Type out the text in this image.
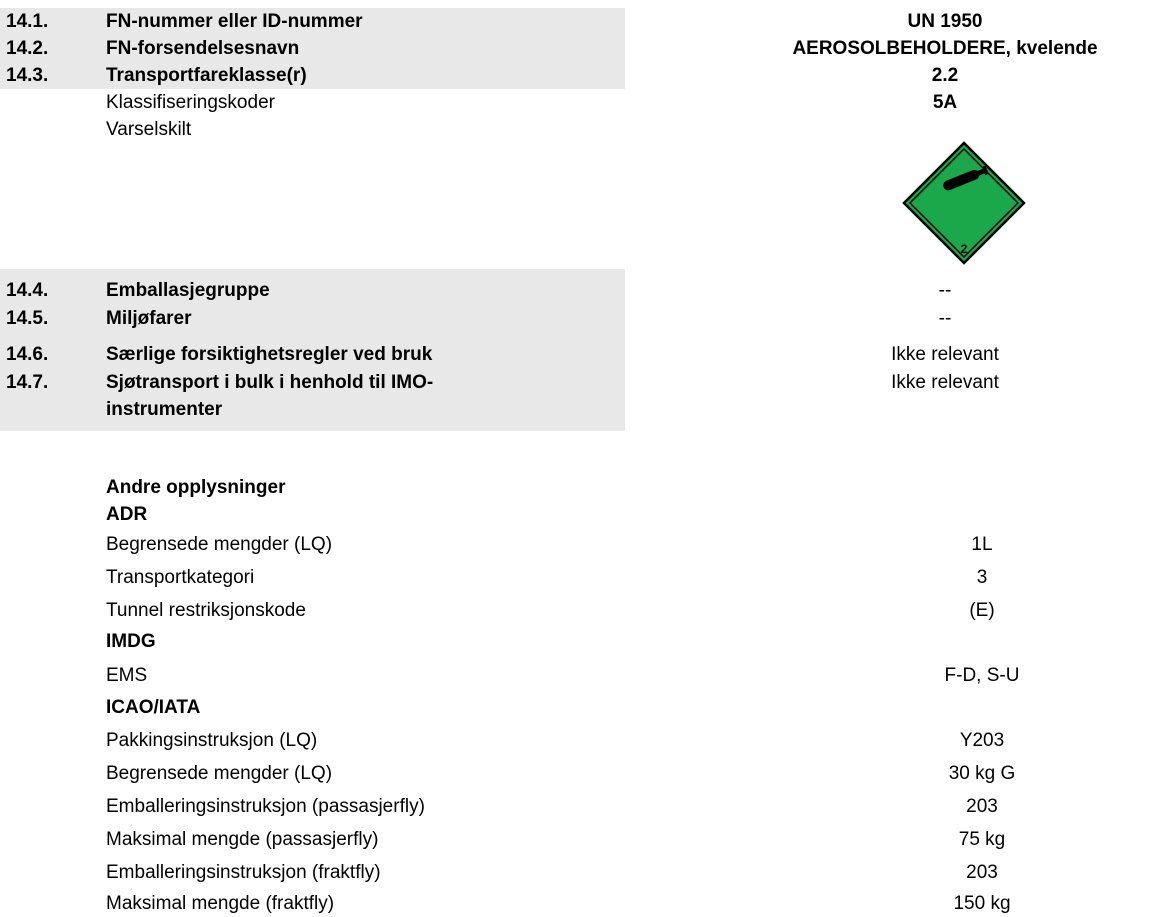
14.1.	FN-nummer eller ID-nummer	UN 1950
14.2.	FN-forsendelsesnavn	AEROSOLBEHOLDERE, kvelende
14.3.	Transportfareklasse(r)	2.2
Klassifiseringskoder	5A
Varselskilt
2
14.4.	Emballasjegruppe	--
14.5.	Miljøfarer	--
14.6.	Særlige forsiktighetsregler ved bruk	Ikke relevant
14.7.	Sjøtransport i bulk i henhold til IMO-	Ikke relevant
instrumenter
Andre opplysninger
ADR
Begrensede mengder (LQ)	1L
Transportkategori	3
Tunnel restriksjonskode	(E)
IMDG
EMS	F-D, S-U
ICAO/IATA
Pakkingsinstruksjon (LQ)	Y203
Begrensede mengder (LQ)	30 kg G
Emballeringsinstruksjon (passasjerfly)	203
Maksimal mengde (passasjerfly)	75 kg
Emballeringsinstruksjon (fraktfly)	203
Maksimal mengde (fraktfly)	150 kg
